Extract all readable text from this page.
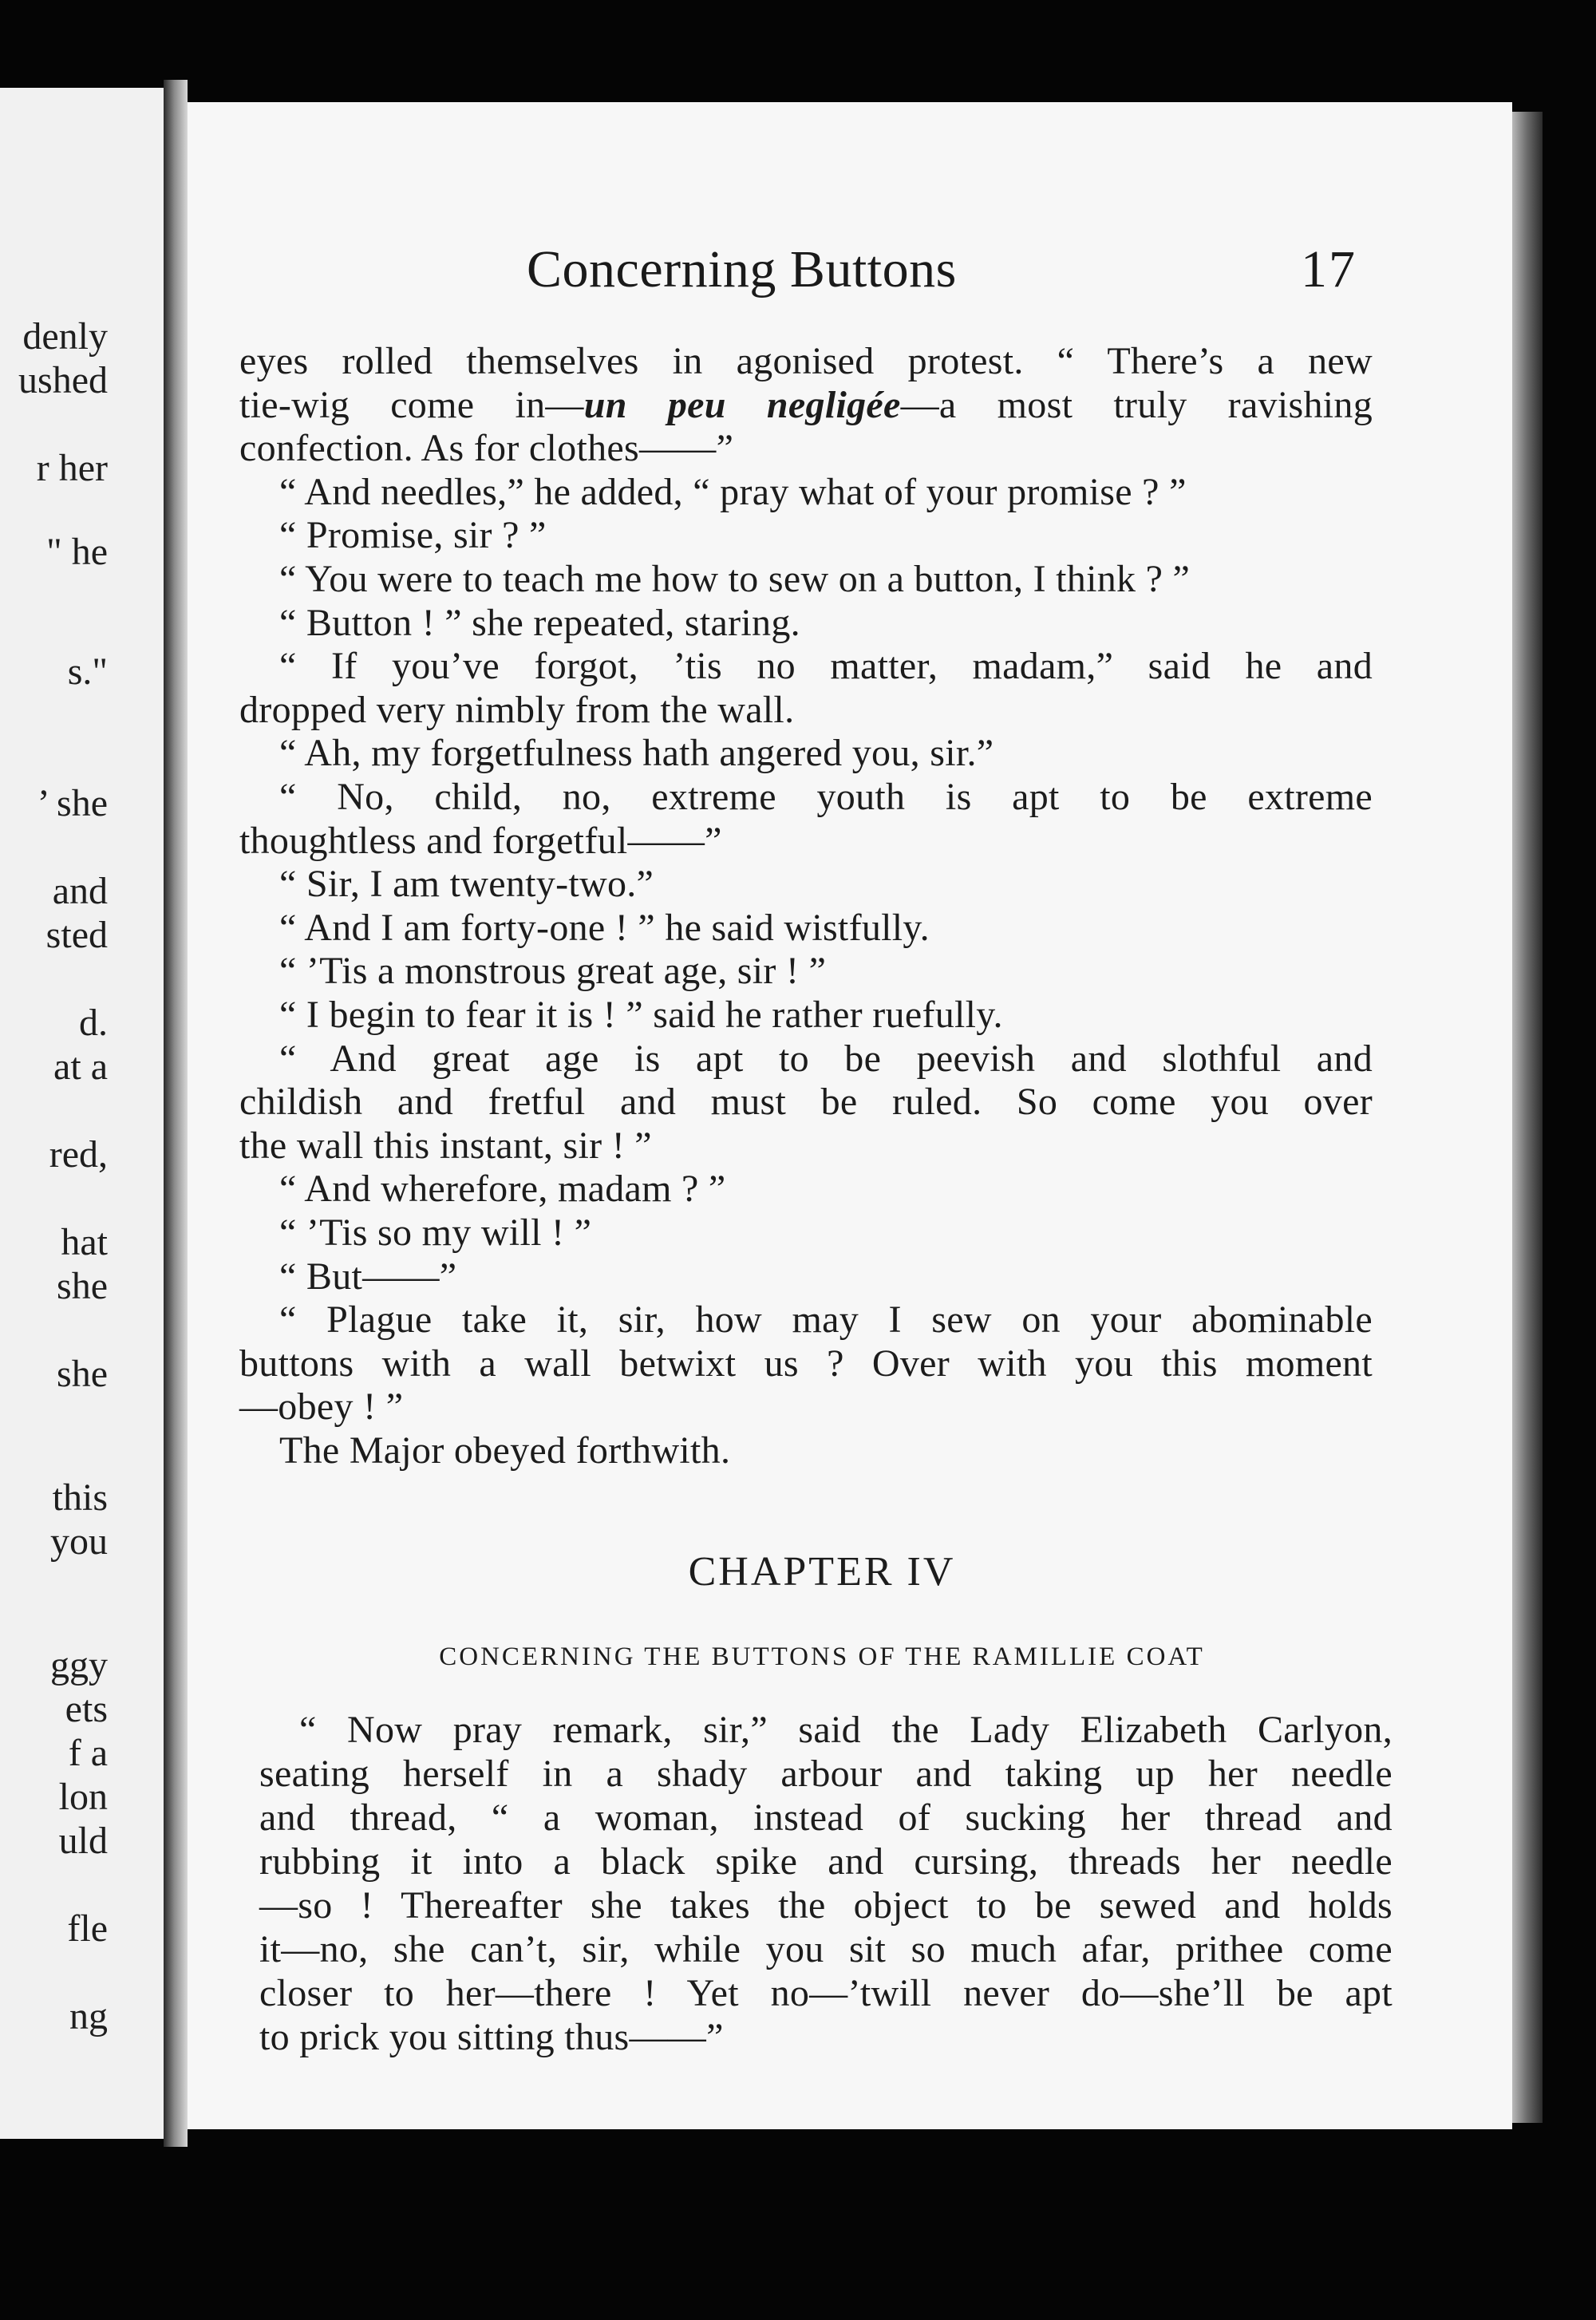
denly
ushed
r her
" he
s."
’ she
and
sted
d.
at a
red,
hat
she
she
this
you
ggy
ets
f a
lon
uld
fle
ng
Concerning Buttons	17
eyes rolled themselves in agonised protest. “ There’s a new
tie-wig come in—un peu negligée—a most truly ravishing
confection. As for clothes——”
“ And needles,” he added, “ pray what of your promise ? ”
“ Promise, sir ? ”
“ You were to teach me how to sew on a button, I think ? ”
“ Button ! ” she repeated, staring.
“ If you’ve forgot, ’tis no matter, madam,” said he and
dropped very nimbly from the wall.
“ Ah, my forgetfulness hath angered you, sir.”
“ No, child, no, extreme youth is apt to be extreme
thoughtless and forgetful——”
“ Sir, I am twenty-two.”
“ And I am forty-one ! ” he said wistfully.
“ ’Tis a monstrous great age, sir ! ”
“ I begin to fear it is ! ” said he rather ruefully.
“ And great age is apt to be peevish and slothful and
childish and fretful and must be ruled. So come you over
the wall this instant, sir ! ”
“ And wherefore, madam ? ”
“ ’Tis so my will ! ”
“ But——”
“ Plague take it, sir, how may I sew on your abominable
buttons with a wall betwixt us ? Over with you this moment
—obey ! ”
The Major obeyed forthwith.
CHAPTER IV
CONCERNING THE BUTTONS OF THE RAMILLIE COAT
“ Now pray remark, sir,” said the Lady Elizabeth Carlyon,
seating herself in a shady arbour and taking up her needle
and thread, “ a woman, instead of sucking her thread and
rubbing it into a black spike and cursing, threads her needle
—so ! Thereafter she takes the object to be sewed and holds
it—no, she can’t, sir, while you sit so much afar, prithee come
closer to her—there ! Yet no—’twill never do—she’ll be apt
to prick you sitting thus——”
